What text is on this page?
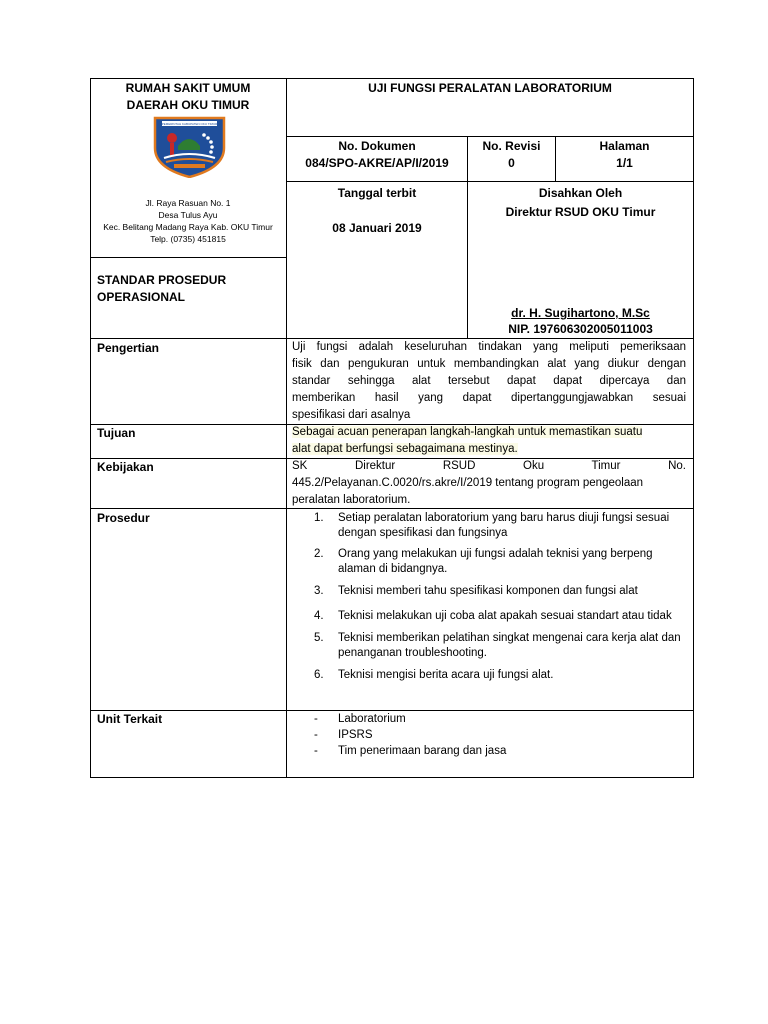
RUMAH SAKIT UMUM
DAERAH OKU TIMUR
PEMERINTAH KABUPATEN OKU TIMUR
Jl. Raya Rasuan No. 1
Desa Tulus Ayu
Kec. Belitang Madang Raya Kab. OKU Timur
Telp. (0735) 451815
STANDAR PROSEDUR
OPERASIONAL
UJI FUNGSI PERALATAN LABORATORIUM
No. Dokumen
084/SPO-AKRE/AP/I/2019
No. Revisi
0
Halaman
1/1
Tanggal terbit
08 Januari 2019
Disahkan Oleh
Direktur RSUD OKU Timur
dr. H. Sugihartono, M.Sc
NIP. 197606302005011003
Pengertian	Uji fungsi adalah keseluruhan tindakan yang meliputi pemeriksaan
fisik dan pengukuran untuk membandingkan alat yang diukur dengan
standar sehingga alat tersebut dapat dapat dipercaya dan
memberikan hasil yang dapat dipertanggungjawabkan sesuai
spesifikasi dari asalnya
Tujuan	Sebagai acuan penerapan langkah-langkah untuk memastikan suatu
alat dapat berfungsi sebagaimana mestinya.
Kebijakan	SK Direktur RSUD Oku Timur No.
445.2/Pelayanan.C.0020/rs.akre/I/2019 tentang program pengeolaan
peralatan laboratorium.
Prosedur	1. Setiap peralatan laboratorium yang baru harus diuji fungsi sesuai dengan spesifikasi dan fungsinya
2. Orang yang melakukan uji fungsi adalah teknisi yang berpeng alaman di bidangnya.
3. Teknisi memberi tahu spesifikasi komponen dan fungsi alat
4. Teknisi melakukan uji coba alat apakah sesuai standart atau tidak
5. Teknisi memberikan pelatihan singkat mengenai cara kerja alat dan penanganan troubleshooting.
6. Teknisi mengisi berita acara uji fungsi alat.
Unit Terkait	- Laboratorium
- IPSRS
- Tim penerimaan barang dan jasa
